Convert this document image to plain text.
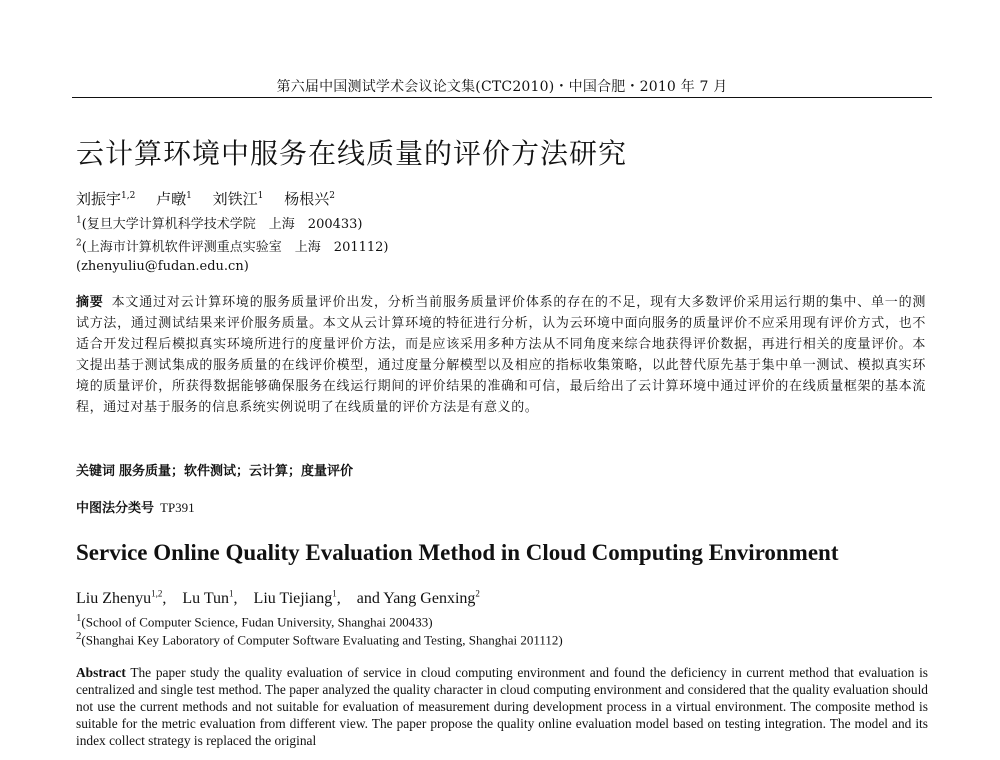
第六届中国测试学术会议论文集(CTC2010)・中国合肥・2010 年 7 月
云计算环境中服务在线质量的评价方法研究
刘振宇$^{1,2}$ 卢暾$^1$ 刘铁江$^1$ 杨根兴$^2$
$^1$(复旦大学计算机科学技术学院　上海　200433)
$^2$(上海市计算机软件评测重点实验室　上海　201112)
(zhenyuliu@fudan.edu.cn)
摘要 本文通过对云计算环境的服务质量评价出发，分析当前服务质量评价体系的存在的不足，现有大多数评价采用运行期的集中、单一的测试方法，通过测试结果来评价服务质量。本文从云计算环境的特征进行分析，认为云环境中面向服务的质量评价不应采用现有评价方式，也不适合开发过程后模拟真实环境所进行的度量评价方法，而是应该采用多种方法从不同角度来综合地获得评价数据，再进行相关的度量评价。本文提出基于测试集成的服务质量的在线评价模型，通过度量分解模型以及相应的指标收集策略，以此替代原先基于集中单一测试、模拟真实环境的质量评价，所获得数据能够确保服务在线运行期间的评价结果的准确和可信，最后给出了云计算环境中通过评价的在线质量框架的基本流程，通过对基于服务的信息系统实例说明了在线质量的评价方法是有意义的。
关键词 服务质量；软件测试；云计算；度量评价
中图法分类号 TP391
Service Online Quality Evaluation Method in Cloud Computing Environment
Liu Zhenyu$^{1,2}$, Lu Tun$^1$, Liu Tiejiang$^1$, and Yang Genxing$^2$
$^1$(School of Computer Science, Fudan University, Shanghai 200433)
$^2$(Shanghai Key Laboratory of Computer Software Evaluating and Testing, Shanghai 201112)
Abstract The paper study the quality evaluation of service in cloud computing environment and found the deficiency in current method that evaluation is centralized and single test method. The paper analyzed the quality character in cloud computing environment and considered that the quality evaluation should not use the current methods and not suitable for evaluation of measurement during development process in a virtual environment. The composite method is suitable for the metric evaluation from different view. The paper propose the quality online evaluation model based on testing integration. The model and its index collect strategy is replaced the original
